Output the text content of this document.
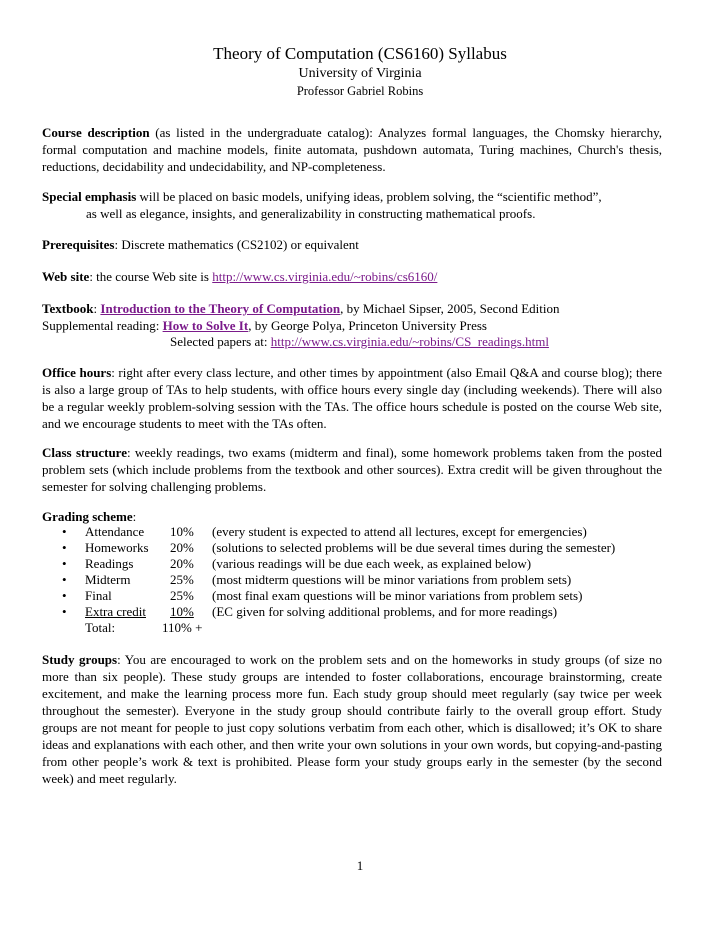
Theory of Computation (CS6160) Syllabus
University of Virginia
Professor Gabriel Robins
Course description (as listed in the undergraduate catalog): Analyzes formal languages, the Chomsky hierarchy, formal computation and machine models, finite automata, pushdown automata, Turing machines, Church's thesis, reductions, decidability and undecidability, and NP-completeness.
Special emphasis will be placed on basic models, unifying ideas, problem solving, the “scientific method”,
as well as elegance, insights, and generalizability in constructing mathematical proofs.
Prerequisites: Discrete mathematics (CS2102) or equivalent
Web site: the course Web site is http://www.cs.virginia.edu/~robins/cs6160/
Textbook: Introduction to the Theory of Computation, by Michael Sipser, 2005, Second Edition
Supplemental reading: How to Solve It, by George Polya, Princeton University Press
Selected papers at: http://www.cs.virginia.edu/~robins/CS_readings.html
Office hours: right after every class lecture, and other times by appointment (also Email Q&A and course blog); there is also a large group of TAs to help students, with office hours every single day (including weekends). There will also be a regular weekly problem-solving session with the TAs. The office hours schedule is posted on the course Web site, and we encourage students to meet with the TAs often.
Class structure: weekly readings, two exams (midterm and final), some homework problems taken from the posted problem sets (which include problems from the textbook and other sources). Extra credit will be given throughout the semester for solving challenging problems.
Grading scheme:
• Attendance 10% (every student is expected to attend all lectures, except for emergencies)
• Homeworks 20% (solutions to selected problems will be due several times during the semester)
• Readings	20% (various readings will be due each week, as explained below)
• Midterm	25% (most midterm questions will be minor variations from problem sets)
• Final	25% (most final exam questions will be minor variations from problem sets)
• Extra credit 10% (EC given for solving additional problems, and for more readings)
Total:	110% +
Study groups: You are encouraged to work on the problem sets and on the homeworks in study groups (of size no more than six people). These study groups are intended to foster collaborations, encourage brainstorming, create excitement, and make the learning process more fun. Each study group should meet regularly (say twice per week throughout the semester). Everyone in the study group should contribute fairly to the overall group effort. Study groups are not meant for people to just copy solutions verbatim from each other, which is disallowed; it’s OK to share ideas and explanations with each other, and then write your own solutions in your own words, but copying-and-pasting from other people’s work & text is prohibited. Please form your study groups early in the semester (by the second week) and meet regularly.
1
